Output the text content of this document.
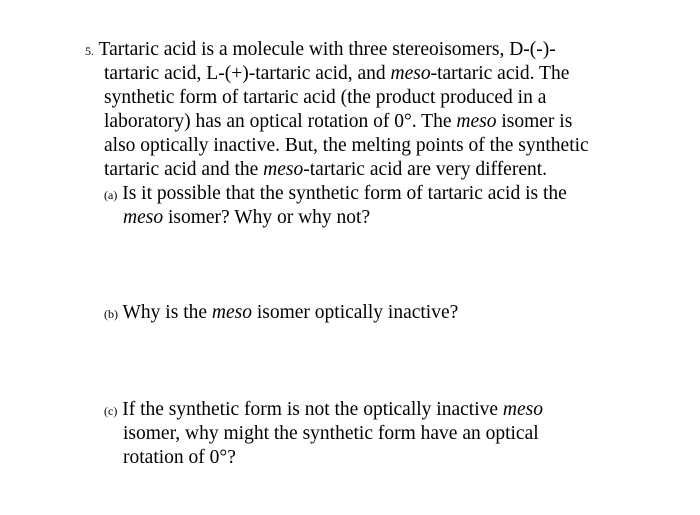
5. Tartaric acid is a molecule with three stereoisomers, D-(-)-
tartaric acid, L-(+)-tartaric acid, and meso-tartaric acid. The
synthetic form of tartaric acid (the product produced in a
laboratory) has an optical rotation of 0°. The meso isomer is
also optically inactive. But, the melting points of the synthetic
tartaric acid and the meso-tartaric acid are very different.
(a) Is it possible that the synthetic form of tartaric acid is the
meso isomer? Why or why not?
(b) Why is the meso isomer optically inactive?
(c) If the synthetic form is not the optically inactive meso
isomer, why might the synthetic form have an optical
rotation of 0°?
